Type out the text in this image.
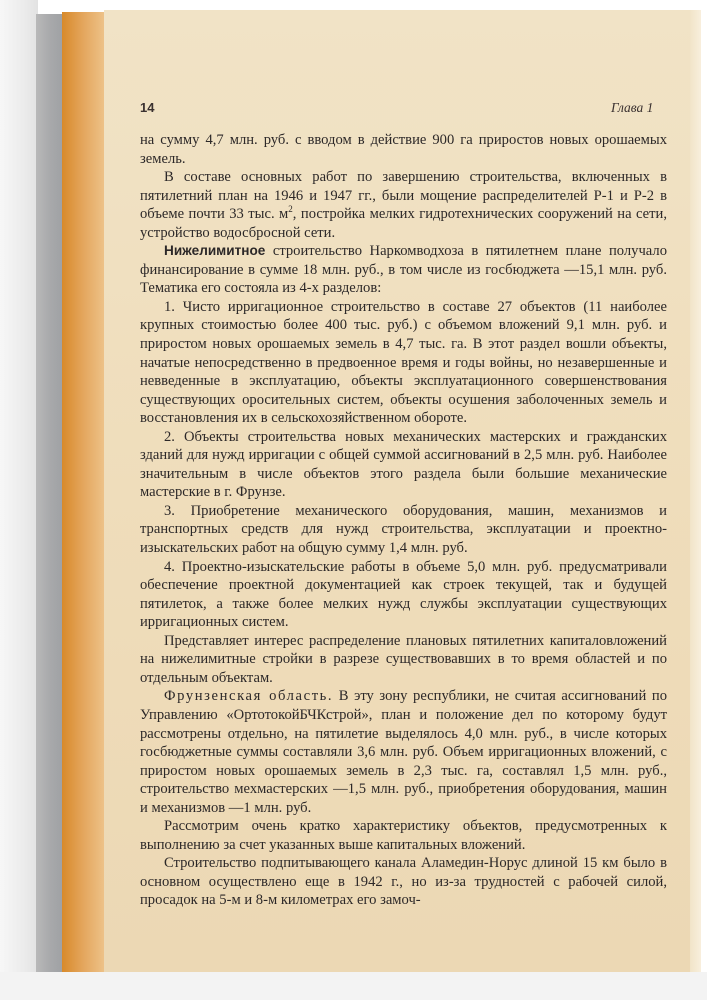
14	Глава 1

на сумму 4,7 млн. руб. с вводом в действие 900 га приростов новых орошаемых земель.

В составе основных работ по завершению строительства, включенных в пятилетний план на 1946 и 1947 гг., были мощение распределителей Р-1 и Р-2 в объеме почти 33 тыс. $м^2$, постройка мелких гидротехнических сооружений на сети, устройство водосбросной сети.

Нижелимитное строительство Наркомводхоза в пятилетнем плане получало финансирование в сумме 18 млн. руб., в том числе из госбюджета —15,1 млн. руб. Тематика его состояла из 4-х разделов:

1. Чисто ирригационное строительство в составе 27 объектов (11 наиболее крупных стоимостью более 400 тыс. руб.) с объемом вложений 9,1 млн. руб. и приростом новых орошаемых земель в 4,7 тыс. га. В этот раздел вошли объекты, начатые непосредственно в предвоенное время и годы войны, но незавершенные и невведенные в эксплуатацию, объекты эксплуатационного совершенствования существующих оросительных систем, объекты осушения заболоченных земель и восстановления их в сельскохозяйственном обороте.

2. Объекты строительства новых механических мастерских и гражданских зданий для нужд ирригации с общей суммой ассигнований в 2,5 млн. руб. Наиболее значительным в числе объектов этого раздела были большие механические мастерские в г. Фрунзе.

3. Приобретение механического оборудования, машин, механизмов и транспортных средств для нужд строительства, эксплуатации и проектно-изыскательских работ на общую сумму 1,4 млн. руб.

4. Проектно-изыскательские работы в объеме 5,0 млн. руб. предусматривали обеспечение проектной документацией как строек текущей, так и будущей пятилеток, а также более мелких нужд службы эксплуатации существующих ирригационных систем.

Представляет интерес распределение плановых пятилетних капиталовложений на нижелимитные стройки в разрезе существовавших в то время областей и по отдельным объектам.

Фрунзенская область. В эту зону республики, не считая ассигнований по Управлению «ОртотокойБЧКстрой», план и положение дел по которому будут рассмотрены отдельно, на пятилетие выделялось 4,0 млн. руб., в числе которых госбюджетные суммы составляли 3,6 млн. руб. Объем ирригационных вложений, с приростом новых орошаемых земель в 2,3 тыс. га, составлял 1,5 млн. руб., строительство мехмастерских —1,5 млн. руб., приобретения оборудования, машин и механизмов —1 млн. руб.

Рассмотрим очень кратко характеристику объектов, предусмотренных к выполнению за счет указанных выше капитальных вложений.

Строительство подпитывающего канала Аламедин-Норус длиной 15 км было в основном осуществлено еще в 1942 г., но из-за трудностей с рабочей силой, просадок на 5-м и 8-м километрах его замоч-
